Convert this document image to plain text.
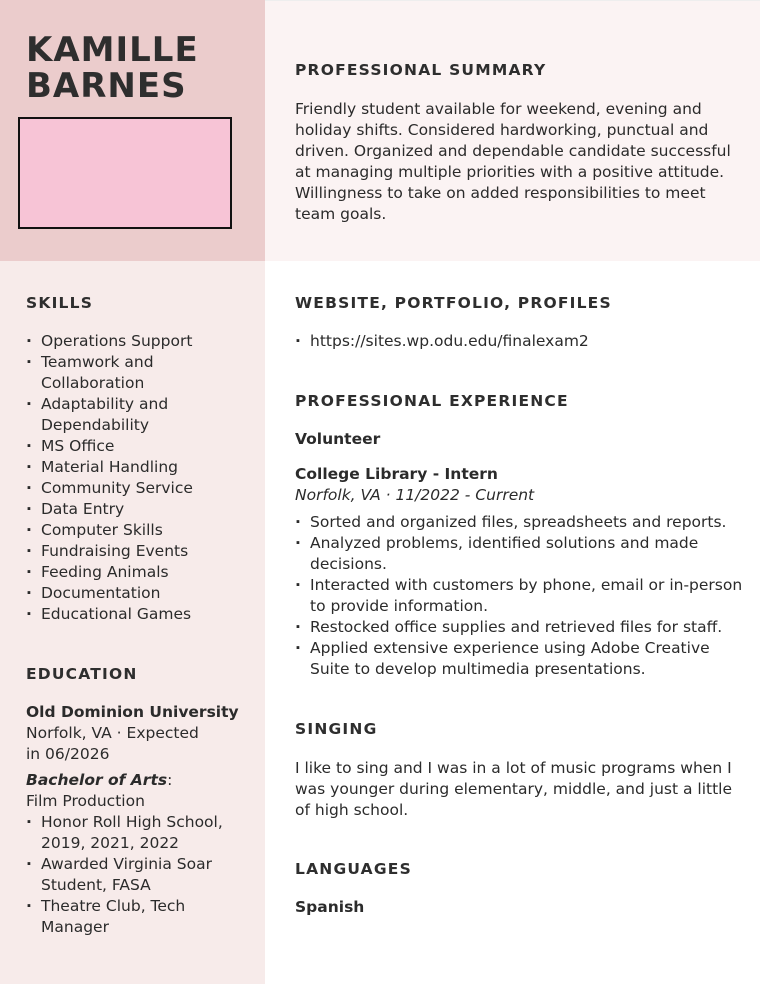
KAMILLE
BARNES	PROFESSIONAL SUMMARY

Friendly student available for weekend, evening and holiday shifts. Considered hardworking, punctual and driven. Organized and dependable candidate successful at managing multiple priorities with a positive attitude. Willingness to take on added responsibilities to meet team goals.

SKILLS
· Operations Support
· Teamwork and Collaboration
· Adaptability and Dependability
· MS Office
· Material Handling
· Community Service
· Data Entry
· Computer Skills
· Fundraising Events
· Feeding Animals
· Documentation
· Educational Games
EDUCATION

Old Dominion University

Norfolk, VA · Expected in 06/2026

Bachelor of Arts: Film Production

· Honor Roll High School, 2019, 2021, 2022
· Awarded Virginia Soar Student, FASA
· Theatre Club, Tech Manager
WEBSITE, PORTFOLIO, PROFILES
· https://sites.wp.odu.edu/finalexam2
PROFESSIONAL EXPERIENCE

Volunteer

College Library - Intern

Norfolk, VA · 11/2022 - Current

· Sorted and organized files, spreadsheets and reports.
· Analyzed problems, identified solutions and made decisions.
· Interacted with customers by phone, email or in-person to provide information.
· Restocked office supplies and retrieved files for staff.
· Applied extensive experience using Adobe Creative Suite to develop multimedia presentations.
SINGING

I like to sing and I was in a lot of music programs when I was younger during elementary, middle, and just a little of high school.

LANGUAGES

Spanish
